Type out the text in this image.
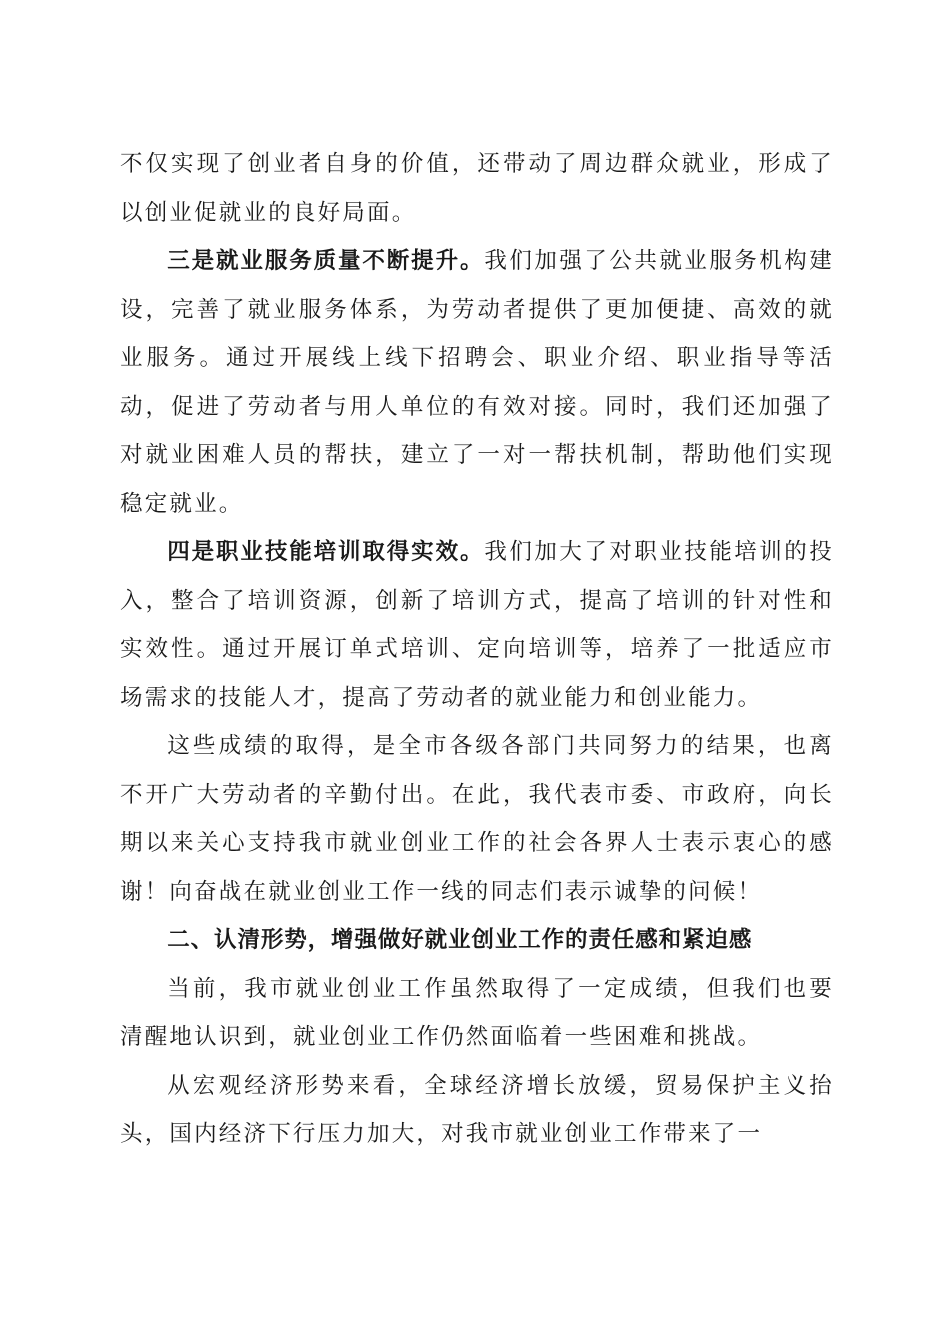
不仅实现了创业者自身的价值，还带动了周边群众就业，形成了以创业促就业的良好局面。

三是就业服务质量不断提升。我们加强了公共就业服务机构建设，完善了就业服务体系，为劳动者提供了更加便捷、高效的就业服务。通过开展线上线下招聘会、职业介绍、职业指导等活动，促进了劳动者与用人单位的有效对接。同时，我们还加强了对就业困难人员的帮扶，建立了一对一帮扶机制，帮助他们实现稳定就业。

四是职业技能培训取得实效。我们加大了对职业技能培训的投入，整合了培训资源，创新了培训方式，提高了培训的针对性和实效性。通过开展订单式培训、定向培训等，培养了一批适应市场需求的技能人才，提高了劳动者的就业能力和创业能力。

这些成绩的取得，是全市各级各部门共同努力的结果，也离不开广大劳动者的辛勤付出。在此，我代表市委、市政府，向长期以来关心支持我市就业创业工作的社会各界人士表示衷心的感谢！向奋战在就业创业工作一线的同志们表示诚挚的问候！

二、认清形势，增强做好就业创业工作的责任感和紧迫感

当前，我市就业创业工作虽然取得了一定成绩，但我们也要清醒地认识到，就业创业工作仍然面临着一些困难和挑战。

从宏观经济形势来看，全球经济增长放缓，贸易保护主义抬头，国内经济下行压力加大，对我市就业创业工作带来了一
